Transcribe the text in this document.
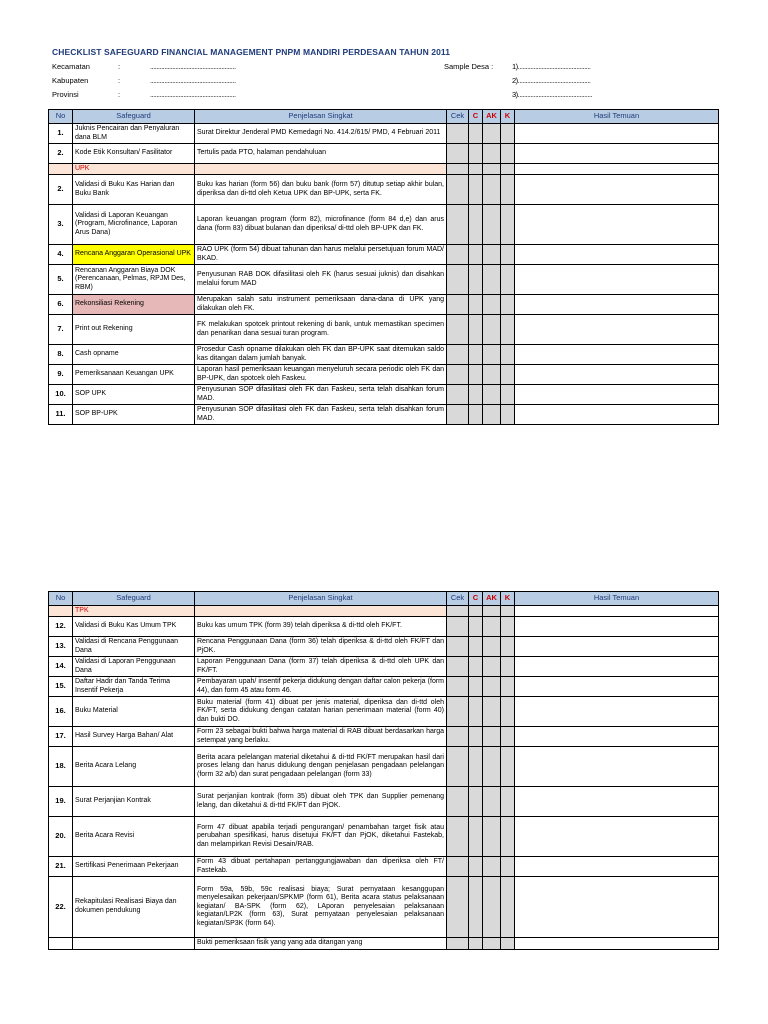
CHECKLIST SAFEGUARD FINANCIAL MANAGEMENT PNPM MANDIRI PERDESAAN TAHUN 2011
Kecamatan	:	......................................................	Sample Desa :	1)..............................................
Kabupaten	:	......................................................	2)..............................................
Provinsi	:	......................................................	3)...............................................
No	Safeguard	Penjelasan Singkat	Cek	C	AK	K	Hasil Temuan
1.	Juknis Pencairan dan Penyaluran dana BLM	Surat Direktur Jenderal PMD Kemedagri No. 414.2/615/ PMD, 4 Februari 2011					
2.	Kode Etik Konsultan/ Fasilitator	Tertulis pada PTO, halaman pendahuluan					
	UPK						
2.	Validasi di Buku Kas Harian dan Buku Bank	Buku kas harian (form 56) dan buku bank (form 57) ditutup setiap akhir bulan, diperiksa dan di-ttd oleh Ketua UPK dan BP-UPK, serta FK.					
3.	Validasi di Laporan Keuangan (Program, Microfinance, Laporan Arus Dana)	Laporan keuangan program (form 82), microfinance (form 84 d,e) dan arus dana (form 83) dibuat bulanan dan diperiksa/ di-ttd oleh BP-UPK dan FK.					
4.	Rencana Anggaran Operasional UPK	RAO UPK (form 54) dibuat tahunan dan harus melalui persetujuan forum MAD/ BKAD.					
5.	Rencanan Anggaran Biaya DOK (Perencanaan, Pelmas, RPJM Des, RBM)	Penyusunan RAB DOK difasilitasi oleh FK (harus sesuai juknis) dan disahkan melalui forum MAD					
6.	Rekonsiliasi Rekening	Merupakan salah satu instrument pemeriksaan dana-dana di UPK yang dilakukan oleh FK.					
7.	Print out Rekening	FK melakukan spotcek printout rekening di bank, untuk memastikan specimen dan penarikan dana sesuai turan program.					
8.	Cash opname	Prosedur Cash opname dilakukan oleh FK dan BP-UPK saat ditemukan saldo kas ditangan dalam jumlah banyak.					
9.	Pemeriksanaan Keuangan UPK	Laporan hasil pemeriksaan keuangan menyeluruh secara periodic oleh FK dan BP-UPK, dan spotcek oleh Faskeu.					
10.	SOP UPK	Penyusunan SOP difasilitasi oleh FK dan Faskeu, serta telah disahkan forum MAD.					
11.	SOP BP-UPK	Penyusunan SOP difasilitasi oleh FK dan Faskeu, serta telah disahkan forum MAD.					
No	Safeguard	Penjelasan Singkat	Cek	C	AK	K	Hasil Temuan
	TPK						
12.	Validasi di Buku Kas Umum TPK	Buku kas umum TPK (form 39) telah diperiksa & di-ttd oleh FK/FT.					
13.	Validasi di Rencana Penggunaan Dana	Rencana Penggunaan Dana (form 36) telah diperiksa & di-ttd oleh FK/FT dan PjOK.					
14.	Validasi di Laporan Penggunaan Dana	Laporan Penggunaan Dana (form 37) telah diperiksa & di-ttd oleh UPK dan FK/FT.					
15.	Daftar Hadir dan Tanda Terima Insentif Pekerja	Pembayaran upah/ insentif pekerja didukung dengan daftar calon pekerja (form 44), dan form 45 atau form 46.					
16.	Buku Material	Buku material (form 41) dibuat per jenis material, diperiksa dan di-ttd oleh FK/FT, serta didukung dengan catatan harian penerimaan material (form 40) dan bukti DO.					
17.	Hasil Survey Harga Bahan/ Alat	Form 23 sebagai bukti bahwa harga material di RAB dibuat berdasarkan harga setempat yang berlaku.					
18.	Berita Acara Lelang	Berita acara pelelangan material diketahui & di-ttd FK/FT merupakan hasil dari proses lelang dan harus didukung dengan penjelasan pengadaan pelelangan (form 32 a/b) dan surat pengadaan pelelangan (form 33)					
19.	Surat Perjanjian Kontrak	Surat perjanjian kontrak (form 35) dibuat oleh TPK dan Supplier pemenang lelang, dan diketahui & di-ttd FK/FT dan PjOK.					
20.	Berita Acara Revisi	Form 47 dibuat apabila terjadi pengurangan/ penambahan target fisik atau perubahan spesifikasi, harus disetujui FK/FT dan PjOK, diketahui Fastekab, dan melampirkan Revisi Desain/RAB.					
21.	Sertifikasi Penerimaan Pekerjaan	Form 43 dibuat pertahapan pertanggungjawaban dan diperiksa oleh FT/ Fastekab.					
22.	Rekapitulasi Realisasi Biaya dan dokumen pendukung	Form 59a, 59b, 59c realisasi biaya; Surat pernyataan kesanggupan menyelesaikan pekerjaan/SPKMP (form 61), Berita acara status pelaksanaan kegiatan/ BA-SPK (form 62), LAporan penyelesaian pelaksanaan kegiatan/LP2K (form 63), Surat pernyataan penyelesaian pelaksanaan kegiatan/SP3K (form 64).					
		Bukti pemeriksaan fisik yang yang ada ditangan yang					
